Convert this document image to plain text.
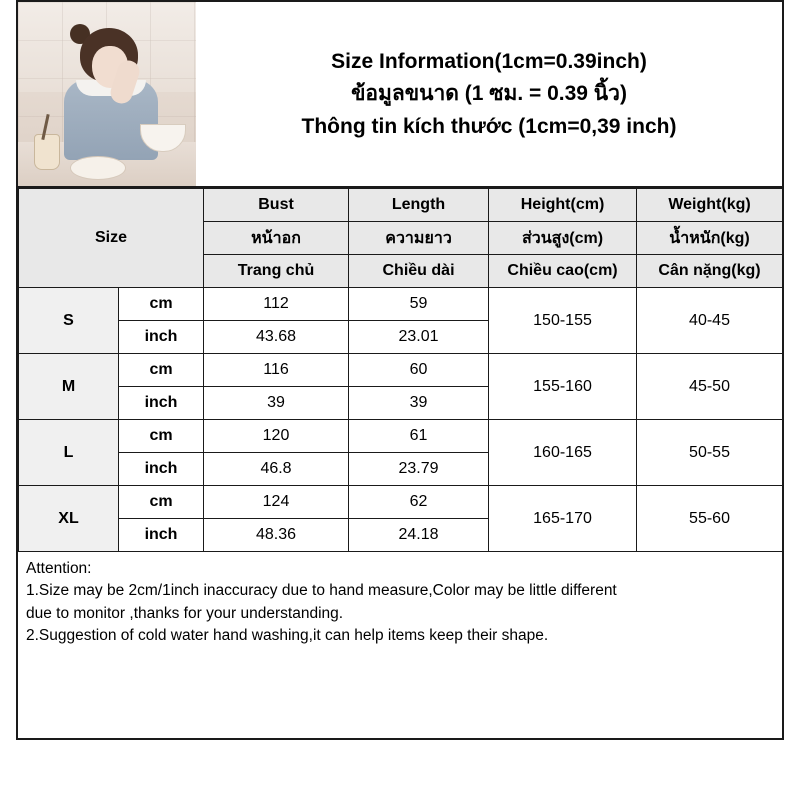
Size Information(1cm=0.39inch)
ข้อมูลขนาด (1 ซม. = 0.39 นิ้ว)
Thông tin kích thước (1cm=0,39 inch)
Size		Bust	Length	Height(cm)	Weight(kg)
		หน้าอก	ความยาว	ส่วนสูง(cm)	น้ำหนัก(kg)
		Trang chủ	Chiều dài	Chiều cao(cm)	Cân nặng(kg)
S	cm	112	59	150-155	40-45
	inch	43.68	23.01		
M	cm	116	60	155-160	45-50
	inch	39	39		
L	cm	120	61	160-165	50-55
	inch	46.8	23.79		
XL	cm	124	62	165-170	55-60
	inch	48.36	24.18		

Attention:

1.Size may be 2cm/1inch inaccuracy due to hand measure,Color may be little different

due to monitor ,thanks for your understanding.

2.Suggestion of cold water hand washing,it can help items keep their shape.
